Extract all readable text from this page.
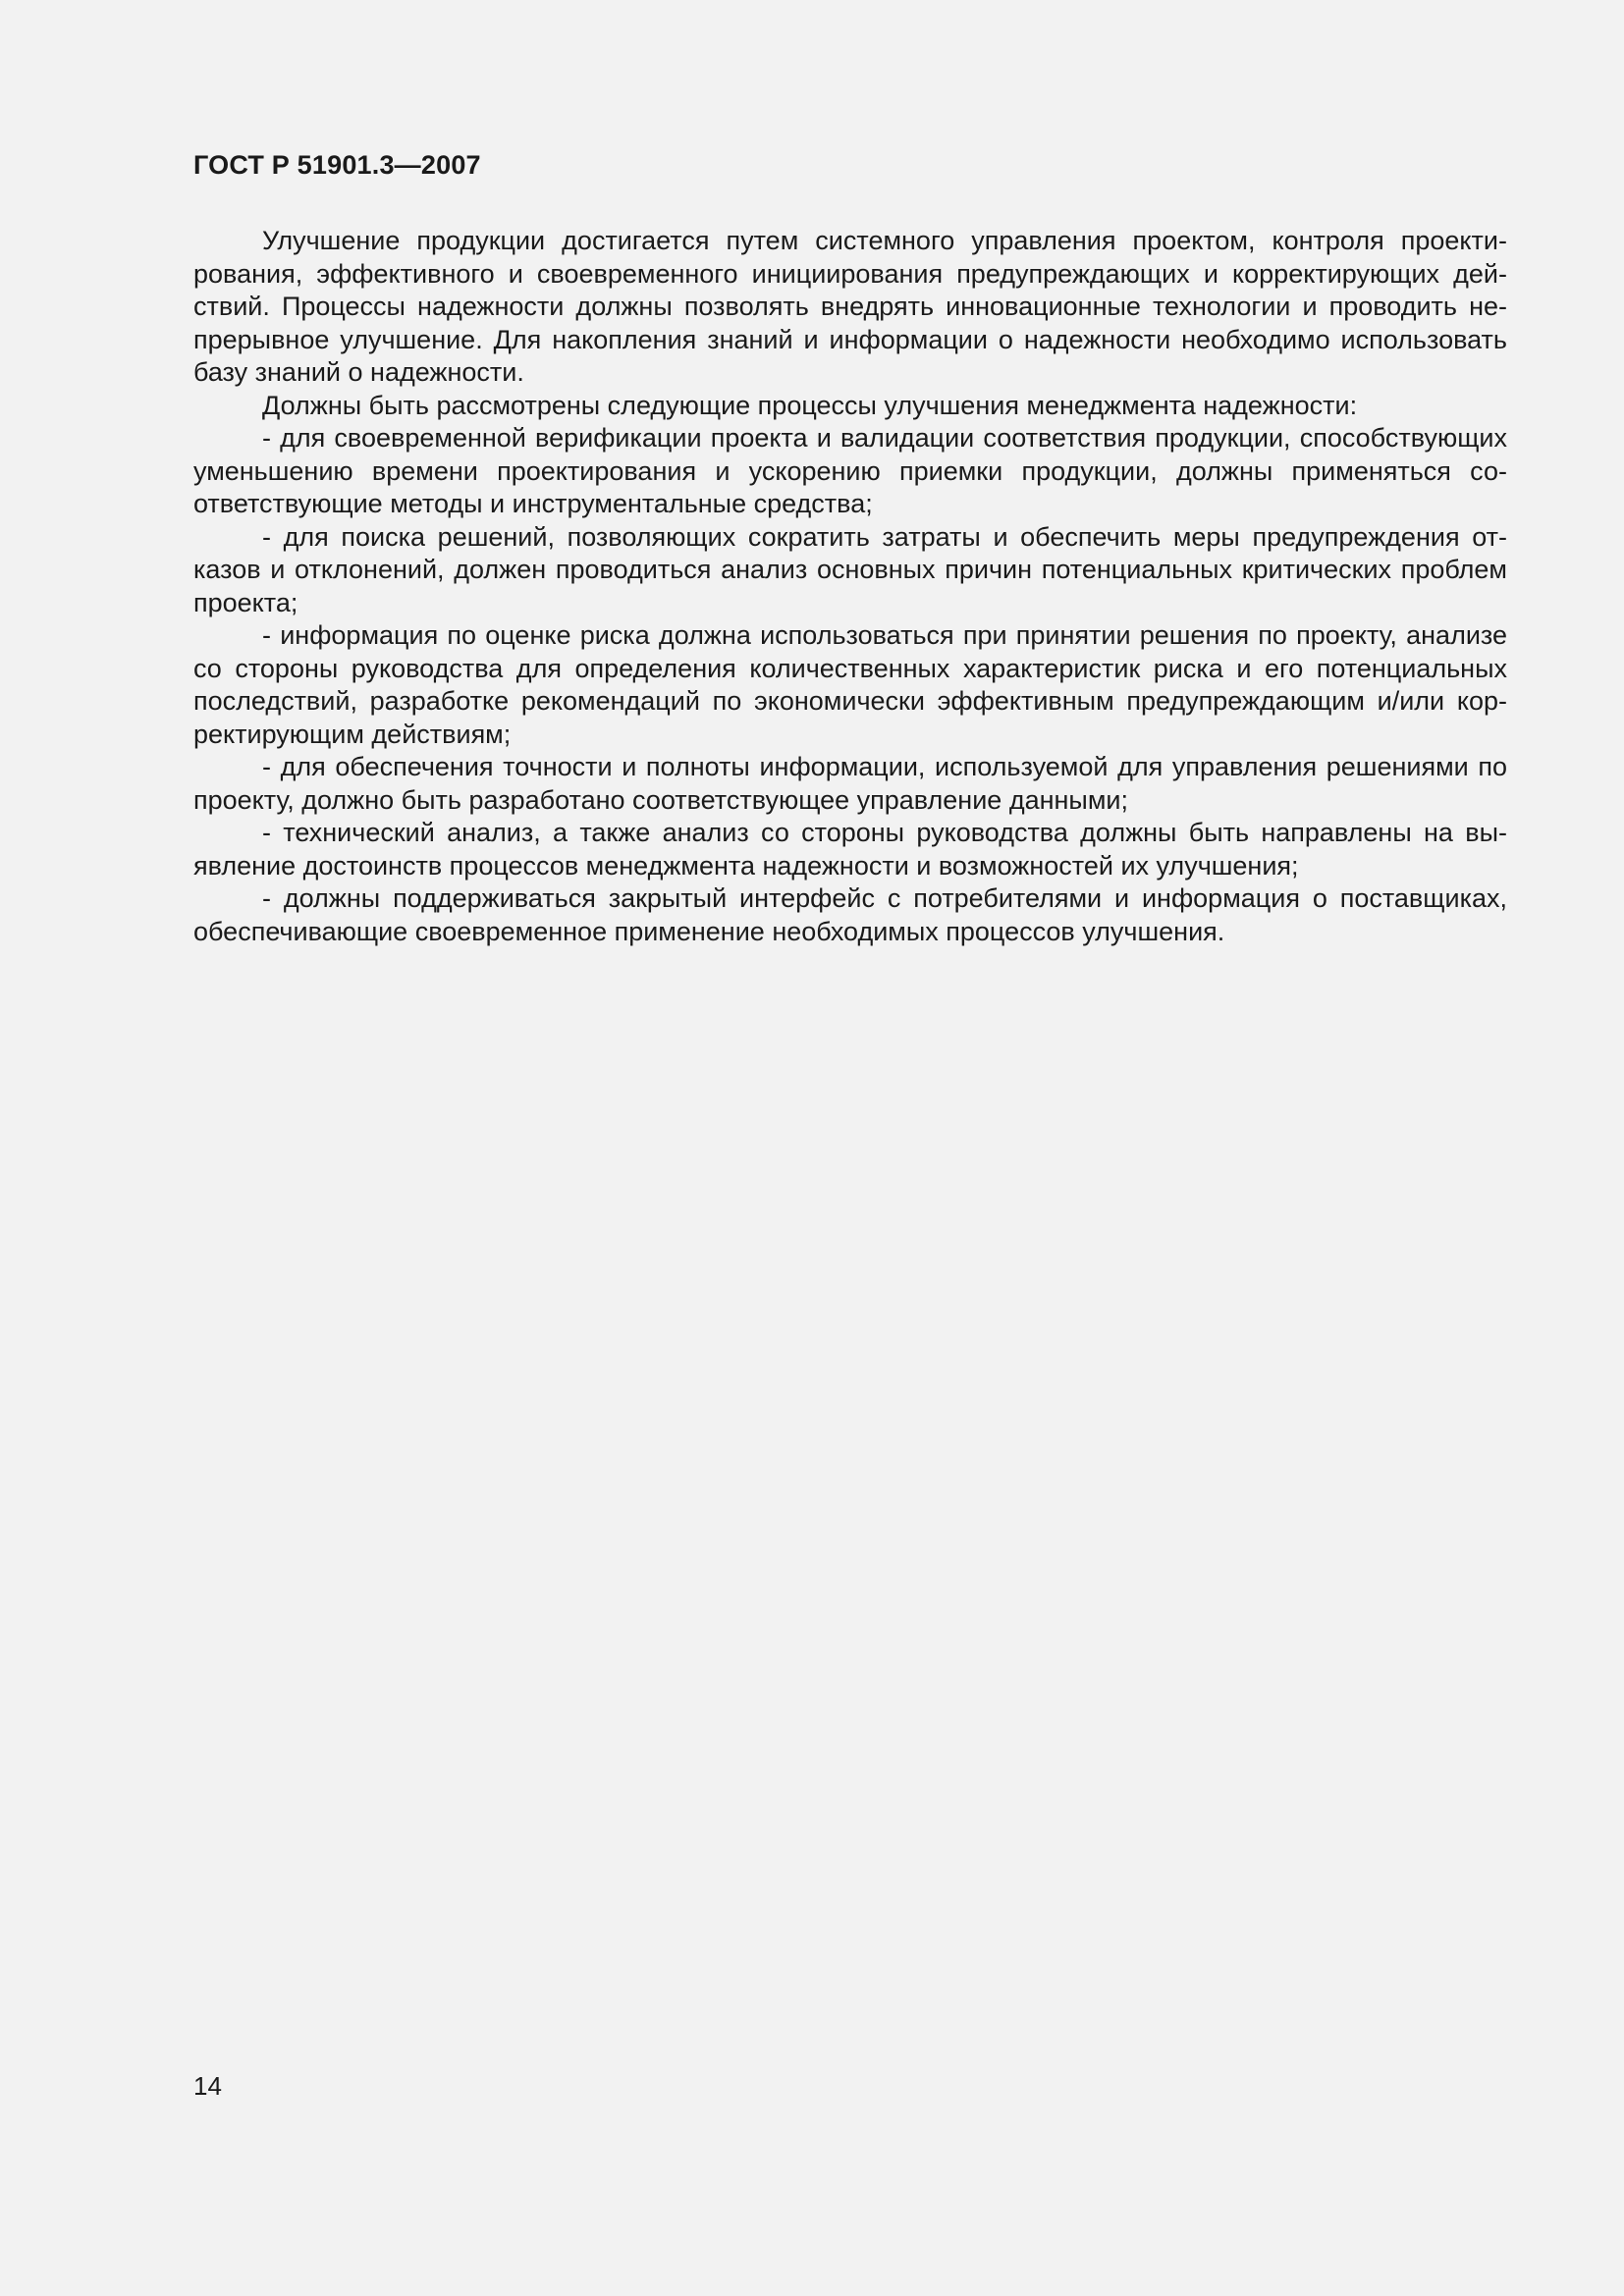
ГОСТ Р 51901.3—2007

Улучшение продукции достигается путем системного управления проектом, контроля проектирования, эффективного и своевременного инициирования предупреждающих и корректирующих действий. Процессы надежности должны позволять внедрять инновационные технологии и проводить непрерывное улучшение. Для накопления знаний и информации о надежности необходимо использовать базу знаний о надежности.

Должны быть рассмотрены следующие процессы улучшения менеджмента надежности:

- для своевременной верификации проекта и валидации соответствия продукции, способствующих уменьшению времени проектирования и ускорению приемки продукции, должны применяться соответствующие методы и инструментальные средства;

- для поиска решений, позволяющих сократить затраты и обеспечить меры предупреждения отказов и отклонений, должен проводиться анализ основных причин потенциальных критических проблем проекта;

- информация по оценке риска должна использоваться при принятии решения по проекту, анализе со стороны руководства для определения количественных характеристик риска и его потенциальных последствий, разработке рекомендаций по экономически эффективным предупреждающим и/или корректирующим действиям;

- для обеспечения точности и полноты информации, используемой для управления решениями по проекту, должно быть разработано соответствующее управление данными;

- технический анализ, а также анализ со стороны руководства должны быть направлены на выявление достоинств процессов менеджмента надежности и возможностей их улучшения;

- должны поддерживаться закрытый интерфейс с потребителями и информация о поставщиках, обеспечивающие своевременное применение необходимых процессов улучшения.

14
